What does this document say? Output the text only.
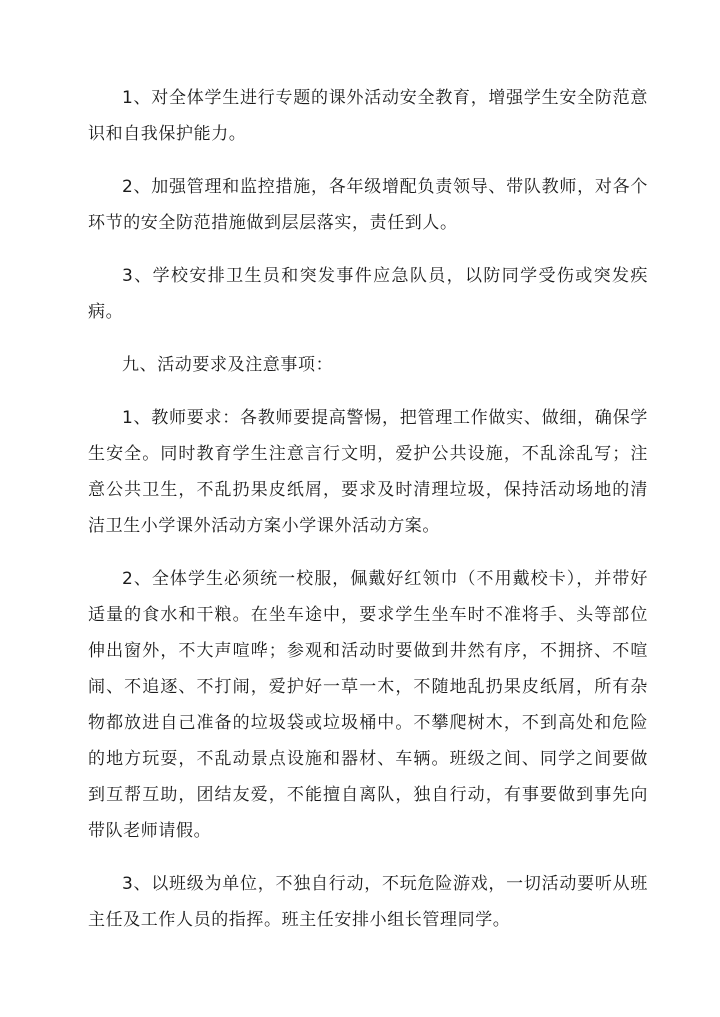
1、对全体学生进行专题的课外活动安全教育，增强学生安全防范意识和自我保护能力。

2、加强管理和监控措施，各年级增配负责领导、带队教师，对各个环节的安全防范措施做到层层落实，责任到人。

3、学校安排卫生员和突发事件应急队员，以防同学受伤或突发疾病。

九、活动要求及注意事项：

1、教师要求：各教师要提高警惕，把管理工作做实、做细，确保学生安全。同时教育学生注意言行文明，爱护公共设施，不乱涂乱写；注意公共卫生，不乱扔果皮纸屑，要求及时清理垃圾，保持活动场地的清洁卫生小学课外活动方案小学课外活动方案。

2、全体学生必须统一校服，佩戴好红领巾（不用戴校卡），并带好适量的食水和干粮。在坐车途中，要求学生坐车时不准将手、头等部位伸出窗外，不大声喧哗；参观和活动时要做到井然有序，不拥挤、不喧闹、不追逐、不打闹，爱护好一草一木，不随地乱扔果皮纸屑，所有杂物都放进自己准备的垃圾袋或垃圾桶中。不攀爬树木，不到高处和危险的地方玩耍，不乱动景点设施和器材、车辆。班级之间、同学之间要做到互帮互助，团结友爱，不能擅自离队，独自行动，有事要做到事先向带队老师请假。

3、以班级为单位，不独自行动，不玩危险游戏，一切活动要听从班主任及工作人员的指挥。班主任安排小组长管理同学。
